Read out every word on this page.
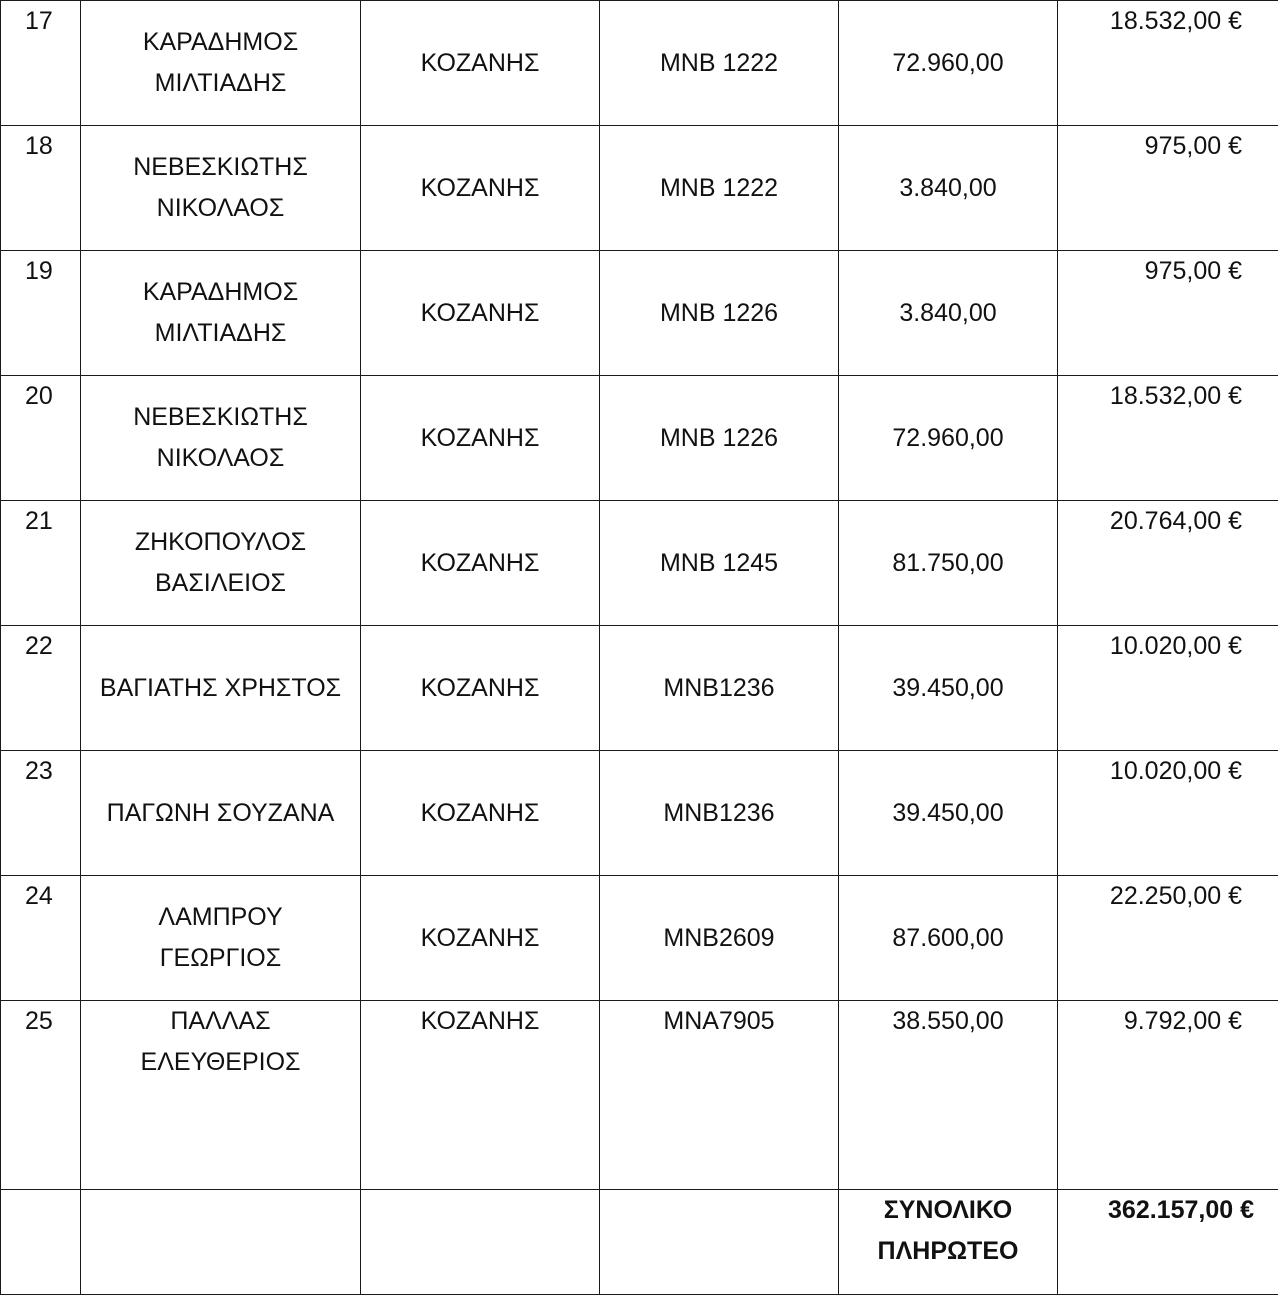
17	ΚΑΡΑΔΗΜΟΣ ΜΙΛΤΙΑΔΗΣ	ΚΟΖΑΝΗΣ	ΜΝΒ 1222	72.960,00	18.532,00 €
18	ΝΕΒΕΣΚΙΩΤΗΣ ΝΙΚΟΛΑΟΣ	ΚΟΖΑΝΗΣ	ΜΝΒ 1222	3.840,00	975,00 €
19	ΚΑΡΑΔΗΜΟΣ ΜΙΛΤΙΑΔΗΣ	ΚΟΖΑΝΗΣ	ΜΝΒ 1226	3.840,00	975,00 €
20	ΝΕΒΕΣΚΙΩΤΗΣ ΝΙΚΟΛΑΟΣ	ΚΟΖΑΝΗΣ	ΜΝΒ 1226	72.960,00	18.532,00 €
21	ΖΗΚΟΠΟΥΛΟΣ ΒΑΣΙΛΕΙΟΣ	ΚΟΖΑΝΗΣ	ΜΝΒ 1245	81.750,00	20.764,00 €
22	ΒΑΓΙΑΤΗΣ ΧΡΗΣΤΟΣ	ΚΟΖΑΝΗΣ	ΜΝΒ1236	39.450,00	10.020,00 €
23	ΠΑΓΩΝΗ ΣΟΥΖΑΝΑ	ΚΟΖΑΝΗΣ	ΜΝΒ1236	39.450,00	10.020,00 €
24	ΛΑΜΠΡΟΥ ΓΕΩΡΓΙΟΣ	ΚΟΖΑΝΗΣ	ΜΝΒ2609	87.600,00	22.250,00 €
25	ΠΑΛΛΑΣ ΕΛΕΥΘΕΡΙΟΣ	ΚΟΖΑΝΗΣ	ΜΝΑ7905	38.550,00	9.792,00 €
				ΣΥΝΟΛΙΚΟ ΠΛΗΡΩΤΕΟ	362.157,00 €
